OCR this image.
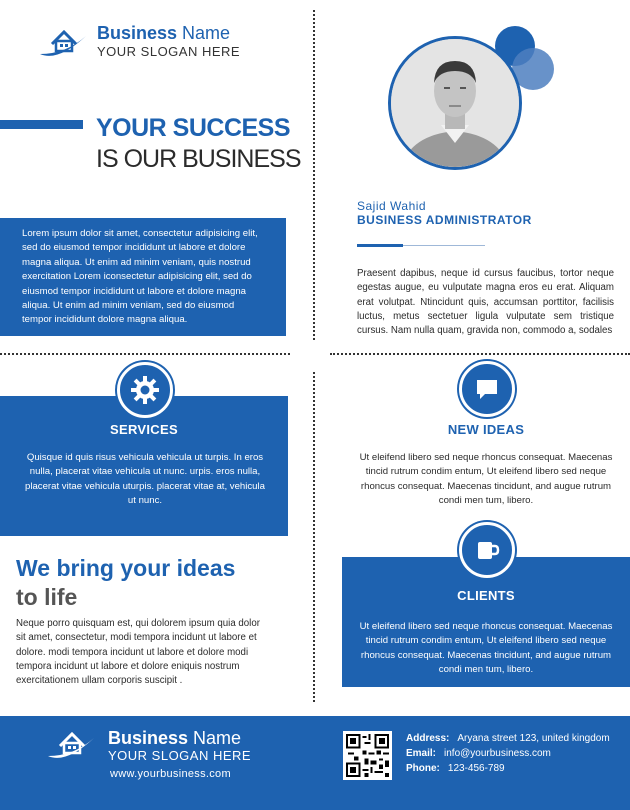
Business Name
YOUR SLOGAN HERE
YOUR SUCCESS
IS OUR BUSINESS

Lorem ipsum dolor sit amet, consectetur adipisicing elit, sed do eiusmod tempor incididunt ut labore et dolore magna aliqua. Ut enim ad minim veniam, quis nostrud exercitation Lorem iconsectetur adipisicing elit, sed do eiusmod tempor incididunt ut labore et dolore magna aliqua. Ut enim ad minim veniam, sed do eiusmod tempor incididunt dolore magna aliqua.

Sajid Wahid
BUSINESS ADMINISTRATOR
Praesent dapibus, neque id cursus faucibus, tortor neque egestas augue, eu vulputate magna eros eu erat. Aliquam erat volutpat. Ntincidunt quis, accumsan porttitor, facilisis luctus, metus sectetuer ligula vulputate sem tristique cursus. Nam nulla quam, gravida non, commodo a, sodales
SERVICES
Quisque id quis risus vehicula vehicula ut turpis. In eros nulla, placerat vitae vehicula ut nunc. urpis. eros nulla, placerat vitae vehicula uturpis. placerat vitae at, vehicula ut nunc.
NEW IDEAS
Ut eleifend libero sed neque rhoncus consequat. Maecenas tincid rutrum condim entum, Ut eleifend libero sed neque rhoncus consequat. Maecenas tincidunt, and augue rutrum condi men tum, libero.
CLIENTS
Ut eleifend libero sed neque rhoncus consequat. Maecenas tincid rutrum condim entum, Ut eleifend libero sed neque rhoncus consequat. Maecenas tincidunt, and augue rutrum condi men tum, libero.
We bring your ideas
to life
Neque porro quisquam est, qui dolorem ipsum quia dolor sit amet, consectetur, modi tempora incidunt ut labore et dolore. modi tempora incidunt ut labore et dolore modi tempora incidunt ut labore et dolore eniquis nostrum exercitationem ullam corporis suscipit .
Business Name
YOUR SLOGAN HERE
www.yourbusiness.com
Address: Aryana street 123, united kingdom
Email: info@yourbusiness.com
Phone: 123-456-789
